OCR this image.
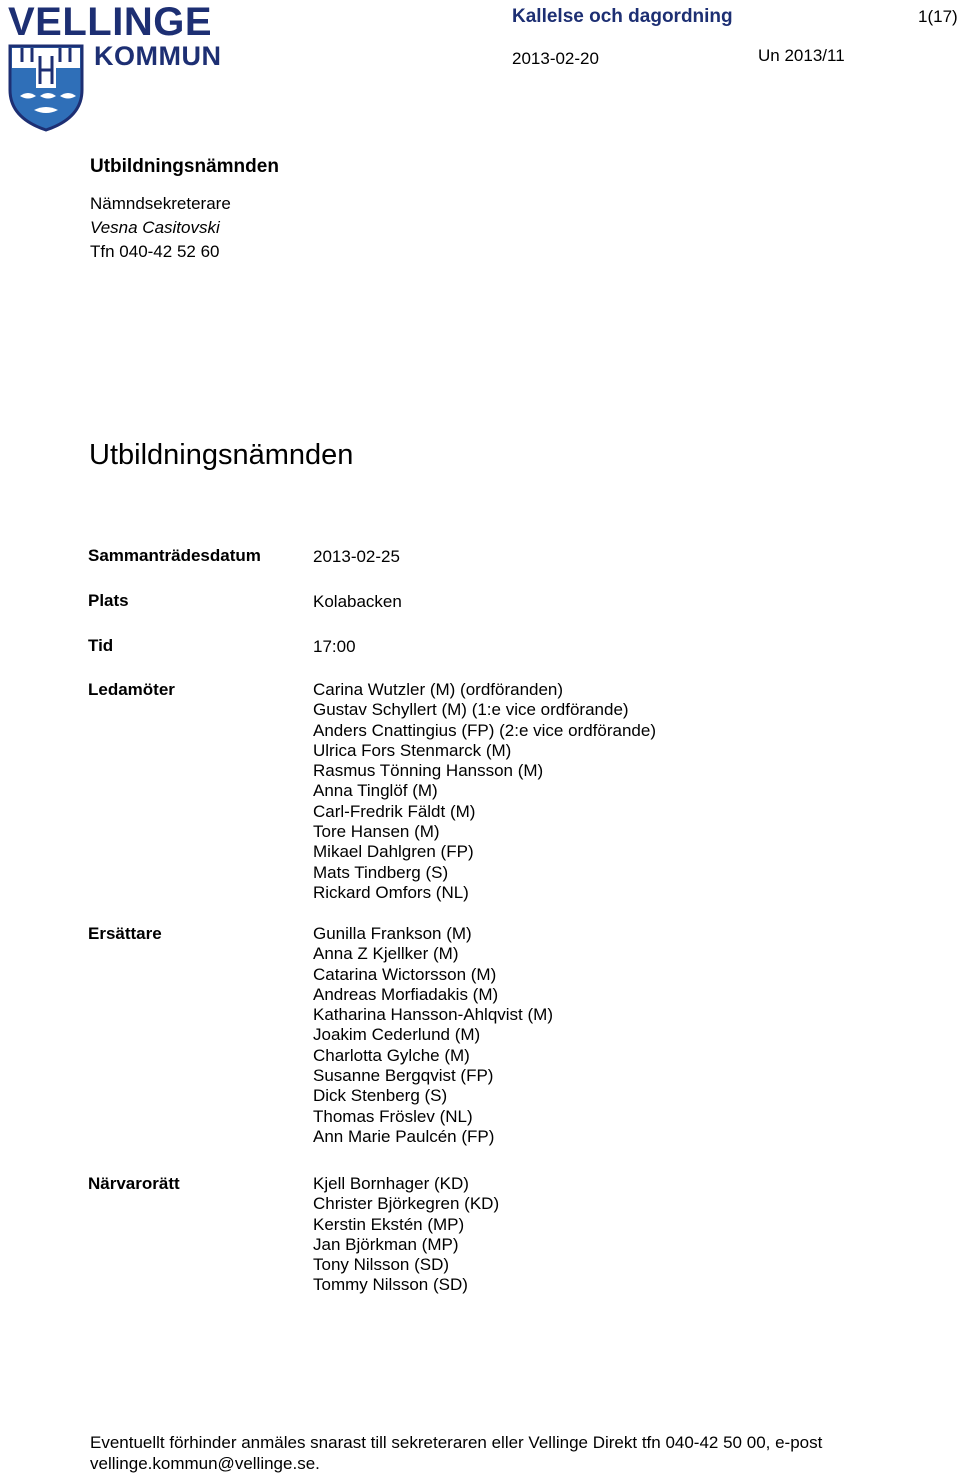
VELLINGE
KOMMUN
Kallelse och dagordning	1(17)
2013-02-20	Un 2013/11
Utbildningsnämnden
Nämndsekreterare
Vesna Casitovski
Tfn 040-42 52 60
Utbildningsnämnden
Sammanträdesdatum	2013-02-25
Plats	Kolabacken
Tid	17:00
Ledamöter	Carina Wutzler (M) (ordföranden)
Gustav Schyllert (M) (1:e vice ordförande)
Anders Cnattingius (FP) (2:e vice ordförande)
Ulrica Fors Stenmarck (M)
Rasmus Tönning Hansson (M)
Anna Tinglöf (M)
Carl-Fredrik Fäldt (M)
Tore Hansen (M)
Mikael Dahlgren (FP)
Mats Tindberg (S)
Rickard Omfors (NL)
Ersättare	Gunilla Frankson (M)
Anna Z Kjellker (M)
Catarina Wictorsson (M)
Andreas Morfiadakis (M)
Katharina Hansson-Ahlqvist (M)
Joakim Cederlund (M)
Charlotta Gylche (M)
Susanne Bergqvist (FP)
Dick Stenberg (S)
Thomas Fröslev (NL)
Ann Marie Paulcén (FP)
Närvarorätt	Kjell Bornhager (KD)
Christer Björkegren (KD)
Kerstin Ekstén (MP)
Jan Björkman (MP)
Tony Nilsson (SD)
Tommy Nilsson (SD)
Eventuellt förhinder anmäles snarast till sekreteraren eller Vellinge Direkt tfn 040-42 50 00, e-post vellinge.kommun@vellinge.se.
